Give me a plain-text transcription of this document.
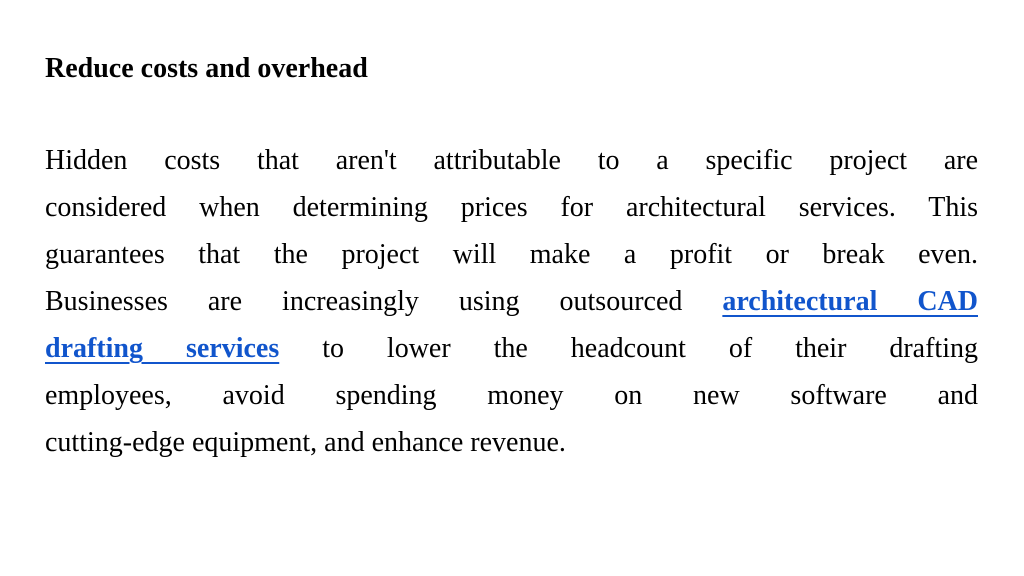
Reduce costs and overhead
Hidden costs that aren't attributable to a specific project are
considered when determining prices for architectural services. This
guarantees that the project will make a profit or break even.
Businesses are increasingly using outsourced architectural CAD
drafting services to lower the headcount of their drafting
employees, avoid spending money on new software and
cutting-edge equipment, and enhance revenue.
